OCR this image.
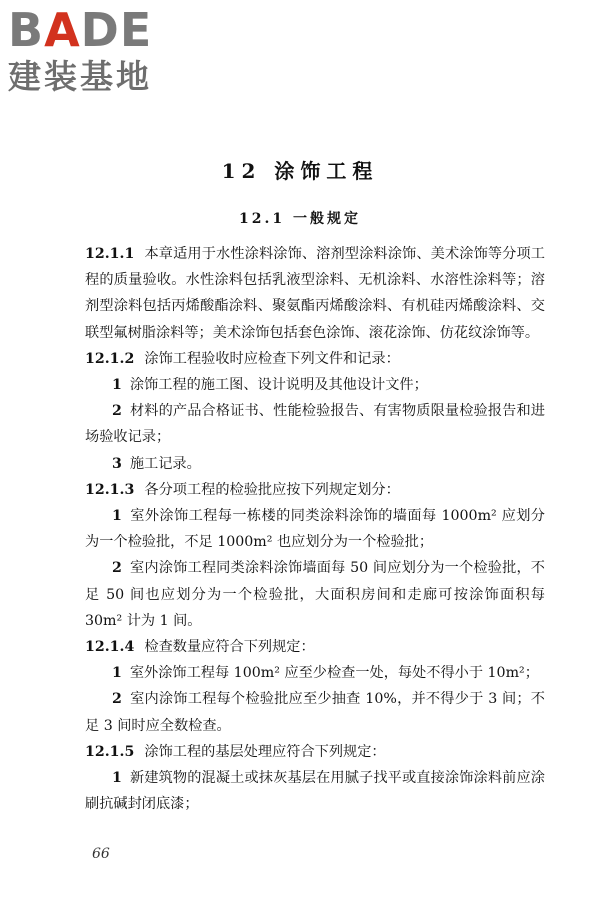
BADE
建装基地
12 涂饰工程
12.1 一般规定

12.1.1 本章适用于水性涂料涂饰、溶剂型涂料涂饰、美术涂饰等分项工程的质量验收。水性涂料包括乳液型涂料、无机涂料、水溶性涂料等；溶剂型涂料包括丙烯酸酯涂料、聚氨酯丙烯酸涂料、有机硅丙烯酸涂料、交联型氟树脂涂料等；美术涂饰包括套色涂饰、滚花涂饰、仿花纹涂饰等。

12.1.2 涂饰工程验收时应检查下列文件和记录：

1 涂饰工程的施工图、设计说明及其他设计文件；

2 材料的产品合格证书、性能检验报告、有害物质限量检验报告和进场验收记录；

3 施工记录。

12.1.3 各分项工程的检验批应按下列规定划分：

1 室外涂饰工程每一栋楼的同类涂料涂饰的墙面每 1000m² 应划分为一个检验批，不足 1000m² 也应划分为一个检验批；

2 室内涂饰工程同类涂料涂饰墙面每 50 间应划分为一个检验批，不足 50 间也应划分为一个检验批，大面积房间和走廊可按涂饰面积每 30m² 计为 1 间。

12.1.4 检查数量应符合下列规定：

1 室外涂饰工程每 100m² 应至少检查一处，每处不得小于 10m²；

2 室内涂饰工程每个检验批应至少抽查 10%，并不得少于 3 间；不足 3 间时应全数检查。

12.1.5 涂饰工程的基层处理应符合下列规定：

1 新建筑物的混凝土或抹灰基层在用腻子找平或直接涂饰涂料前应涂刷抗碱封闭底漆；

66
